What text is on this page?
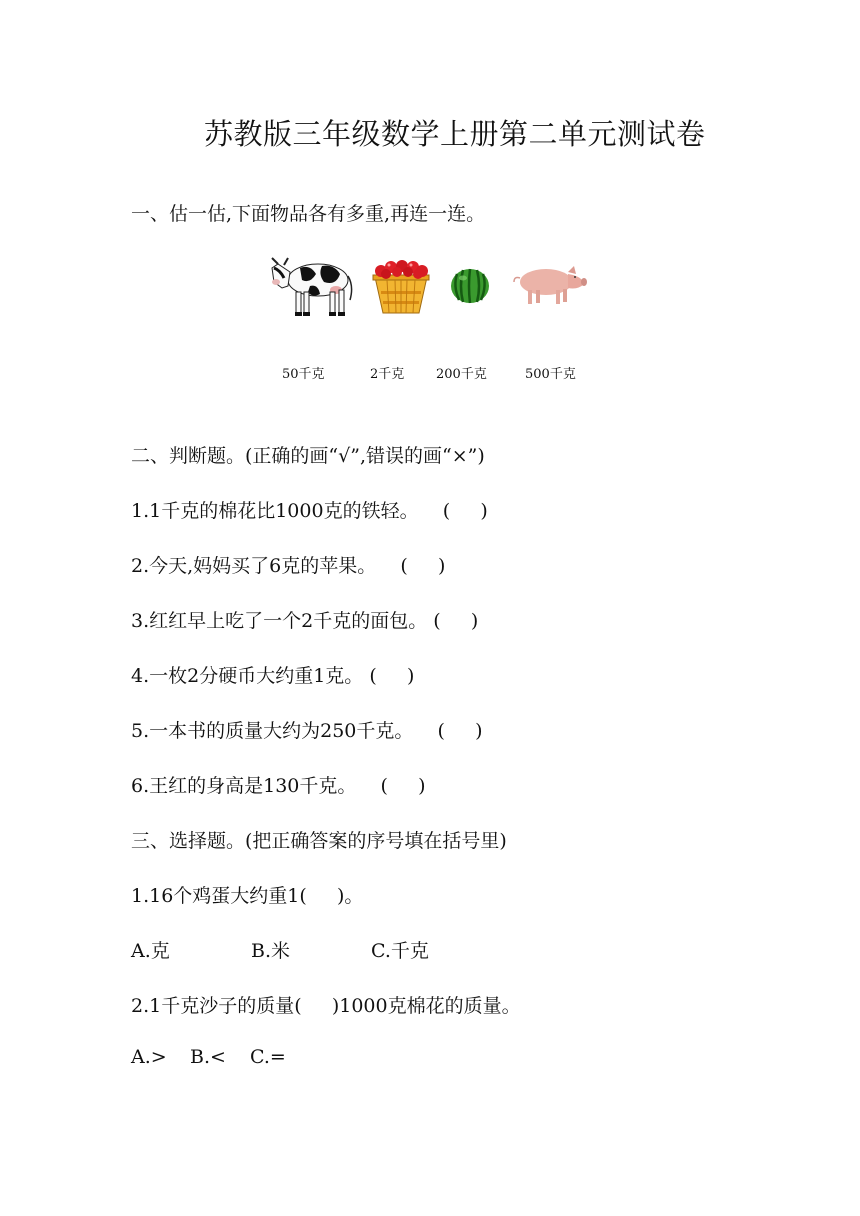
苏教版三年级数学上册第二单元测试卷
一、估一估,下面物品各有多重,再连一连。
50千克	2千克 200千克	500千克
二、判断题。(正确的画“√”,错误的画“×”)
1.1千克的棉花比1000克的铁轻。    (     )
2.今天,妈妈买了6克的苹果。    (     )
3.红红早上吃了一个2千克的面包。 (     )
4.一枚2分硬币大约重1克。 (     )
5.一本书的质量大约为250千克。    (     )
6.王红的身高是130千克。    (     )
三、选择题。(把正确答案的序号填在括号里)
1.16个鸡蛋大约重1(     )。
A.克	B.米	C.千克
2.1千克沙子的质量(     )1000克棉花的质量。
A.> B.< C.=
